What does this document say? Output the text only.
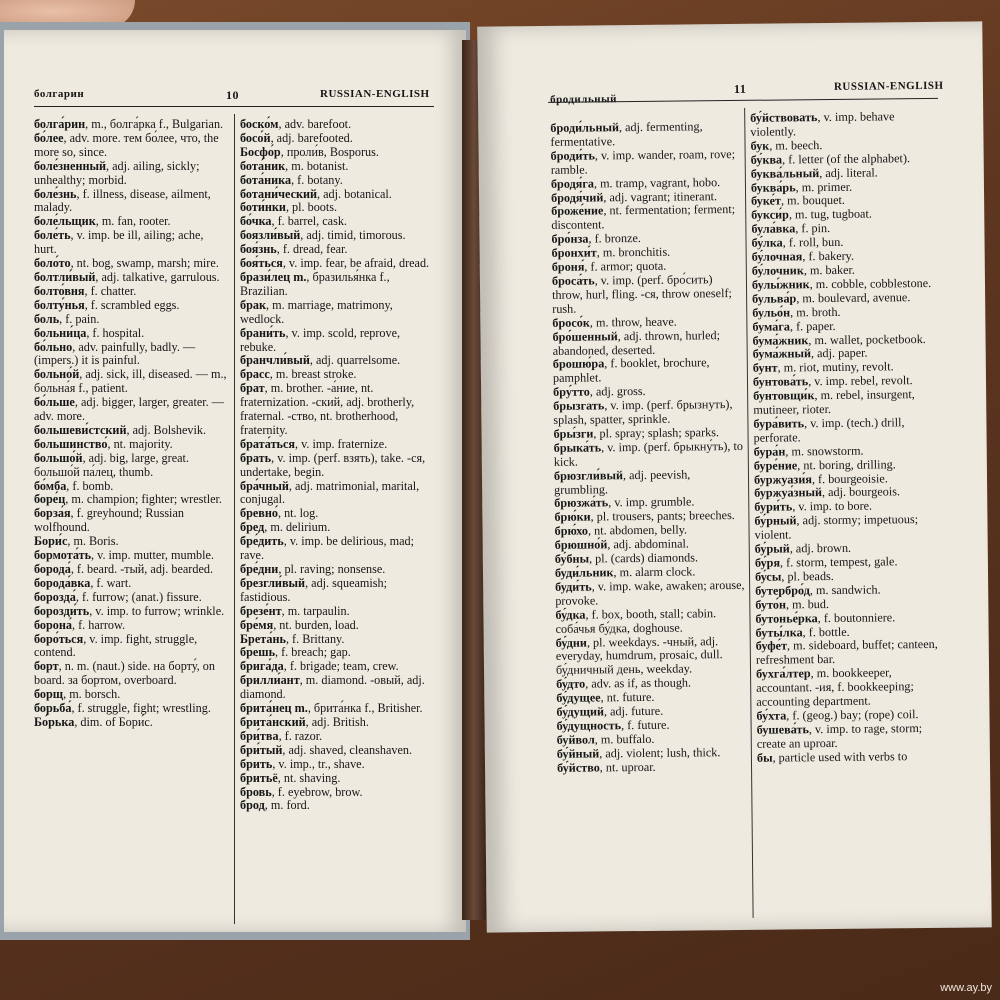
болгарин	10	RUSSIAN-ENGLISH

болга́рин, m., болга́рка f., Bulgarian.

бо́лее, adv. more. тем бо́лее, что, the more so, since.

боле́зненный, adj. ailing, sickly; unhealthy; morbid.

боле́знь, f. illness, disease, ailment, malady.

боле́льщик, m. fan, rooter.

боле́ть, v. imp. be ill, ailing; ache, hurt.

боло́то, nt. bog, swamp, marsh; mire.

болтли́вый, adj. talkative, garrulous.

болто́вня, f. chatter.

болту́нья, f. scrambled eggs.

боль, f. pain.

больни́ца, f. hospital.

бо́льно, adv. painfully, badly. — (impers.) it is painful.

больно́й, adj. sick, ill, diseased. — m., больна́я f., patient.

бо́льше, adj. bigger, larger, greater. — adv. more.

большеви́стский, adj. Bolshevik.

большинство́, nt. majority.

большо́й, adj. big, large, great. большо́й па́лец, thumb.

бо́мба, f. bomb.

боре́ц, m. champion; fighter; wrestler.

борза́я, f. greyhound; Russian wolfhound.

Бори́с, m. Boris.

бормота́ть, v. imp. mutter, mumble.

борода́, f. beard. -тый, adj. bearded.

борода́вка, f. wart.

борозда́, f. furrow; (anat.) fissure.

борозди́ть, v. imp. to furrow; wrinkle.

борона́, f. harrow.

боро́ться, v. imp. fight, struggle, contend.

борт, n. m. (naut.) side. на борту́, on board. за бортом, overboard.

борщ, m. borsch.

борьба́, f. struggle, fight; wrestling.

Бо́рька, dim. of Бори́с.

боско́м, adv. barefoot.

босо́й, adj. barefooted.

Босфо́р, проли́в, Bosporus.

бота́ник, m. botanist.

бота́ника, f. botany.

ботани́ческий, adj. botanical.

боти́нки, pl. boots.

бо́чка, f. barrel, cask.

боязли́вый, adj. timid, timorous.

боя́знь, f. dread, fear.

боя́ться, v. imp. fear, be afraid, dread.

брази́лец m., бразилья́нка f., Brazilian.

брак, m. marriage, matrimony, wedlock.

брани́ть, v. imp. scold, reprove, rebuke.

бранчли́вый, adj. quarrelsome.

брасс, m. breast stroke.

брат, m. brother. -а́ние, nt. fraternization. -ский, adj. brotherly, fraternal. -ство, nt. brotherhood, fraternity.

брата́ться, v. imp. fraternize.

брать, v. imp. (perf. взять), take. -ся, undertake, begin.

бра́чный, adj. matrimonial, marital, conjugal.

бревно́, nt. log.

бред, m. delirium.

бре́дить, v. imp. be delirious, mad; rave.

бре́дни, pl. raving; nonsense.

брезгли́вый, adj. squeamish; fastidious.

брезе́нт, m. tarpaulin.

бре́мя, nt. burden, load.

Брета́нь, f. Brittany.

брешь, f. breach; gap.

брига́да, f. brigade; team, crew.

брилли́ант, m. diamond. -овый, adj. diamond.

брита́нец m., брита́нка f., Britisher.

брита́нский, adj. British.

бри́тва, f. razor.

бри́тый, adj. shaved, cleanshaven.

брить, v. imp., tr., shave.

бритьё, nt. shaving.

бровь, f. eyebrow, brow.

брод, m. ford.

бродильный
11	RUSSIAN-ENGLISH

броди́льный, adj. fermenting, fermentative.

броди́ть, v. imp. wander, roam, rove; ramble.

бродя́га, m. tramp, vagrant, hobo.

бродя́чий, adj. vagrant; itinerant.

броже́ние, nt. fermentation; ferment; discontent.

бро́нза, f. bronze.

бронхи́т, m. bronchitis.

броня́, f. armor; quota.

броса́ть, v. imp. (perf. бро́сить) throw, hurl, fling. -ся, throw oneself; rush.

бросо́к, m. throw, heave.

бро́шенный, adj. thrown, hurled; abandoned, deserted.

брошю́ра, f. booklet, brochure, pamphlet.

бру́тто, adj. gross.

брызгать, v. imp. (perf. брызнуть), splash, spatter, sprinkle.

бры́зги, pl. spray; splash; sparks.

брыка́ть, v. imp. (perf. брыкну́ть), to kick.

брюзгли́вый, adj. peevish, grumbling.

брюзжа́ть, v. imp. grumble.

брю́ки, pl. trousers, pants; breeches.

брю́хо, nt. abdomen, belly.

брюшно́й, adj. abdominal.

бу́бны, pl. (cards) diamonds.

буди́льник, m. alarm clock.

буди́ть, v. imp. wake, awaken; arouse, provoke.

бу́дка, f. box, booth, stall; cabin. соба́чья бу́дка, doghouse.

бу́дни, pl. weekdays. -чный, adj. everyday, humdrum, prosaic, dull. бу́дничный день, weekday.

бу́дто, adv. as if, as though.

бу́дущее, nt. future.

бу́дущий, adj. future.

бу́дущность, f. future.

буйвол, m. buffalo.

бу́йный, adj. violent; lush, thick.

бу́йство, nt. uproar.

бу́йствовать, v. imp. behave violently.

бук, m. beech.

бу́ква, f. letter (of the alphabet).

буква́льный, adj. literal.

буква́рь, m. primer.

буке́т, m. bouquet.

букси́р, m. tug, tugboat.

була́вка, f. pin.

бу́лка, f. roll, bun.

бу́лочная, f. bakery.

бу́лочник, m. baker.

булы́жник, m. cobble, cobblestone.

бульва́р, m. boulevard, avenue.

бульо́н, m. broth.

бума́га, f. paper.

бума́жник, m. wallet, pocketbook.

бума́жный, adj. paper.

бунт, m. riot, mutiny, revolt.

бунтова́ть, v. imp. rebel, revolt.

бунтовщи́к, m. rebel, insurgent, mutineer, rioter.

бура́вить, v. imp. (tech.) drill, perforate.

бура́н, m. snowstorm.

буре́ние, nt. boring, drilling.

буржуази́я, f. bourgeoisie.

буржуа́зный, adj. bourgeois.

бури́ть, v. imp. to bore.

бу́рный, adj. stormy; impetuous; violent.

бу́рый, adj. brown.

бу́ря, f. storm, tempest, gale.

бу́сы, pl. beads.

бутербро́д, m. sandwich.

буто́н, m. bud.

бутонье́рка, f. boutonniere.

буты́лка, f. bottle.

буфе́т, m. sideboard, buffet; canteen, refreshment bar.

бухга́лтер, m. bookkeeper, accountant. -ия, f. bookkeeping; accounting department.

бу́хта, f. (geog.) bay; (rope) coil.

бушева́ть, v. imp. to rage, storm; create an uproar.

бы, particle used with verbs to

www.ay.by
